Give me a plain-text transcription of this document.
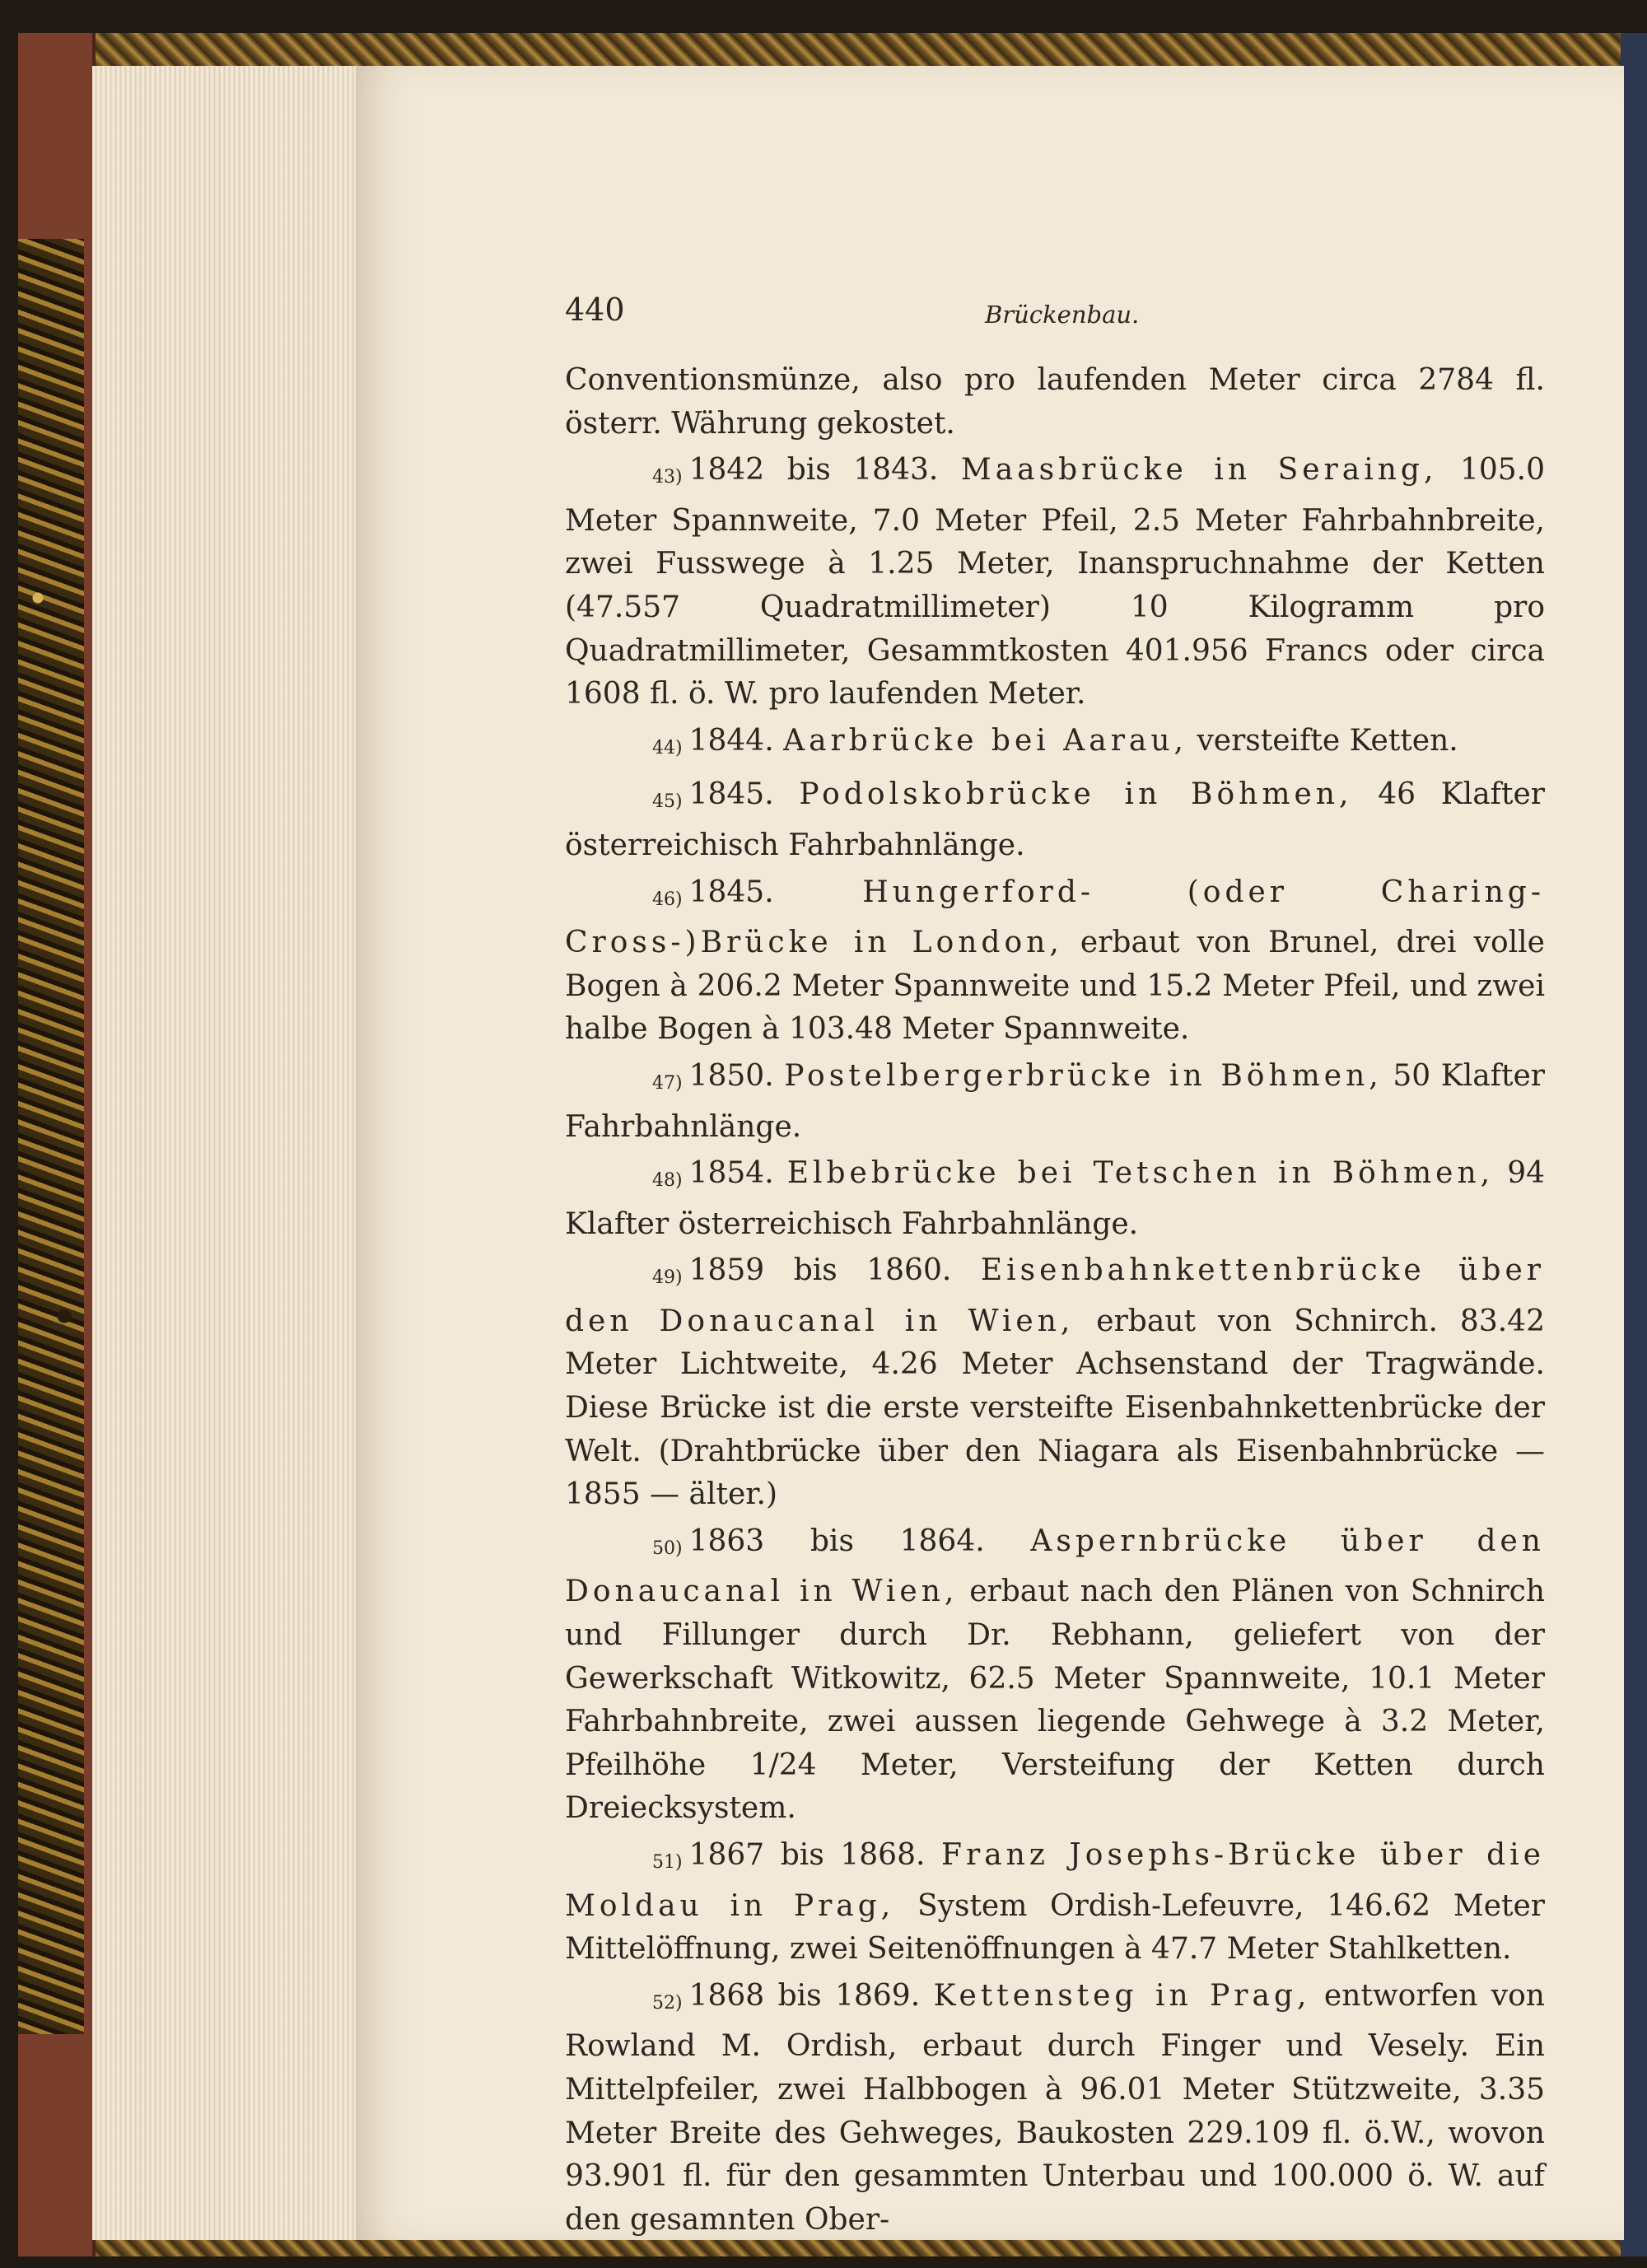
440	Brückenbau.

Conventionsmünze, also pro laufenden Meter circa 2784 fl. österr. Währung gekostet.

43) 1842 bis 1843. Maasbrücke in Seraing, 105.0 Meter Spannweite, 7.0 Meter Pfeil, 2.5 Meter Fahrbahnbreite, zwei Fusswege à 1.25 Meter, Inanspruchnahme der Ketten (47.557 Quadratmillimeter) 10 Kilogramm pro Quadratmillimeter, Gesammtkosten 401.956 Francs oder circa 1608 fl. ö. W. pro laufenden Meter.

44) 1844. Aarbrücke bei Aarau, versteifte Ketten.

45) 1845. Podolskobrücke in Böhmen, 46 Klafter österreichisch Fahrbahnlänge.

46) 1845.	Hungerford- (oder Charing-Cross-)Brücke in London, erbaut von Brunel, drei volle Bogen à 206.2 Meter Spannweite und 15.2 Meter Pfeil, und zwei halbe Bogen à 103.48 Meter Spannweite.

47) 1850. Postelbergerbrücke in Böhmen, 50 Klafter Fahrbahnlänge.

48) 1854. Elbebrücke bei Tetschen in Böhmen, 94 Klafter österreichisch Fahrbahnlänge.

49) 1859 bis 1860. Eisenbahnkettenbrücke über den Donaucanal in Wien, erbaut von Schnirch. 83.42 Meter Lichtweite, 4.26 Meter Achsenstand der Tragwände. Diese Brücke ist die erste versteifte Eisenbahnkettenbrücke der Welt. (Drahtbrücke über den Niagara als Eisenbahnbrücke — 1855 — älter.)

50) 1863 bis 1864. Aspernbrücke über den Donaucanal in Wien, erbaut nach den Plänen von Schnirch und Fillunger durch Dr. Rebhann, geliefert von der Gewerkschaft Witkowitz, 62.5 Meter Spannweite, 10.1 Meter Fahrbahnbreite, zwei aussen liegende Gehwege à 3.2 Meter, Pfeilhöhe 1/24 Meter, Versteifung der Ketten durch Dreiecksystem.

51) 1867 bis 1868. Franz Josephs-Brücke über die Moldau in Prag, System Ordish-Lefeuvre, 146.62 Meter Mittelöffnung, zwei Seitenöffnungen à 47.7 Meter Stahlketten.

52) 1868 bis 1869. Kettensteg in Prag, entworfen von Rowland M. Ordish, erbaut durch Finger und Vesely. Ein Mittelpfeiler, zwei Halbbogen à 96.01 Meter Stützweite, 3.35 Meter Breite des Gehweges, Baukosten 229.109 fl. ö.W., wovon 93.901 fl. für den gesammten Unterbau und 100.000 ö. W. auf den gesamnten Ober-
